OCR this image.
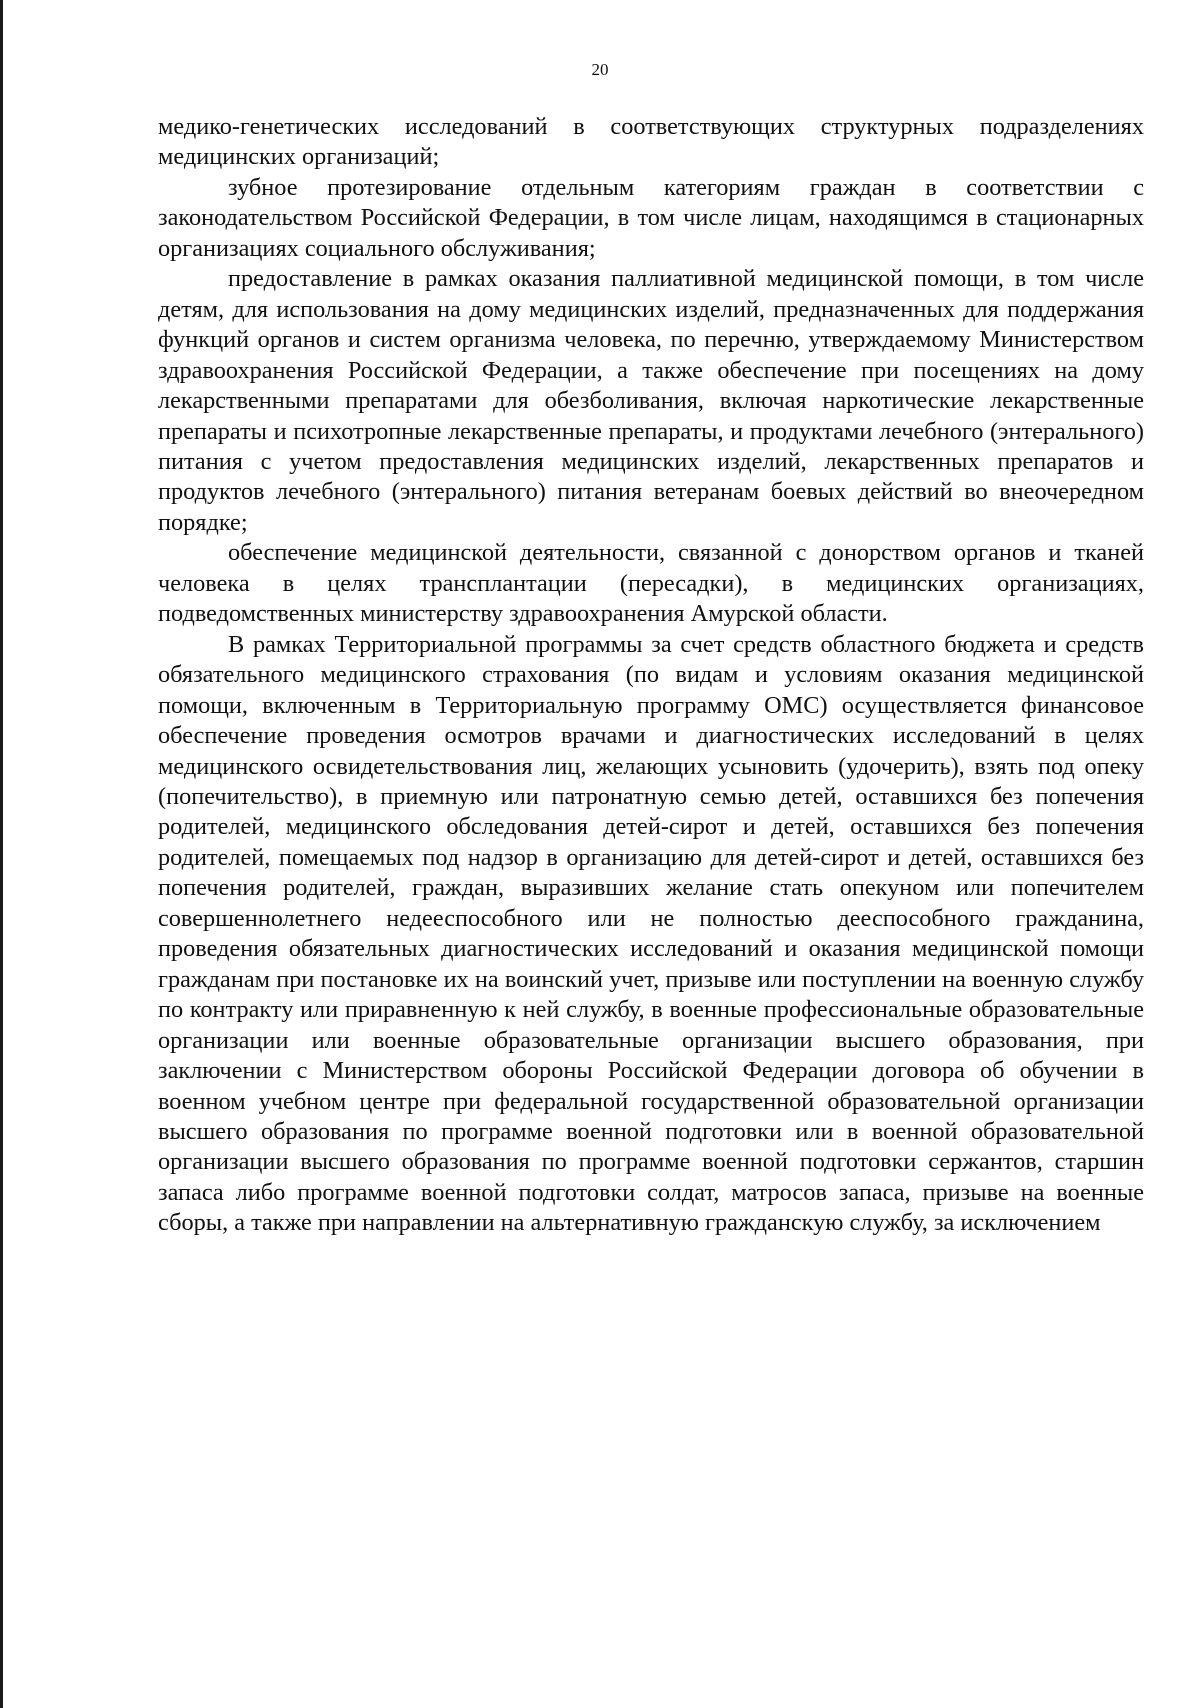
20

медико-генетических исследований в соответствующих структурных подразделениях медицинских организаций;

зубное протезирование отдельным категориям граждан в соответствии с законодательством Российской Федерации, в том числе лицам, находящимся в стационарных организациях социального обслуживания;

предоставление в рамках оказания паллиативной медицинской помощи, в том числе детям, для использования на дому медицинских изделий, предназначенных для поддержания функций органов и систем организма человека, по перечню, утверждаемому Министерством здравоохранения Российской Федерации, а также обеспечение при посещениях на дому лекарственными препаратами для обезболивания, включая наркотические лекарственные препараты и психотропные лекарственные препараты, и продуктами лечебного (энтерального) питания с учетом предоставления медицинских изделий, лекарственных препаратов и продуктов лечебного (энтерального) питания ветеранам боевых действий во внеочередном порядке;

обеспечение медицинской деятельности, связанной с донорством органов и тканей человека в целях трансплантации (пересадки), в медицинских организациях, подведомственных министерству здравоохранения Амурской области.

В рамках Территориальной программы за счет средств областного бюджета и средств обязательного медицинского страхования (по видам и условиям оказания медицинской помощи, включенным в Территориальную программу ОМС) осуществляется финансовое обеспечение проведения осмотров врачами и диагностических исследований в целях медицинского освидетельствования лиц, желающих усыновить (удочерить), взять под опеку (попечительство), в приемную или патронатную семью детей, оставшихся без попечения родителей, медицинского обследования детей-сирот и детей, оставшихся без попечения родителей, помещаемых под надзор в организацию для детей-сирот и детей, оставшихся без попечения родителей, граждан, выразивших желание стать опекуном или попечителем совершеннолетнего недееспособного или не полностью дееспособного гражданина, проведения обязательных диагностических исследований и оказания медицинской помощи гражданам при постановке их на воинский учет, призыве или поступлении на военную службу по контракту или приравненную к ней службу, в военные профессиональные образовательные организации или военные образовательные организации высшего образования, при заключении с Министерством обороны Российской Федерации договора об обучении в военном учебном центре при федеральной государственной образовательной организации высшего образования по программе военной подготовки или в военной образовательной организации высшего образования по программе военной подготовки сержантов, старшин запаса либо программе военной подготовки солдат, матросов запаса, призыве на военные сборы, а также при направлении на альтернативную гражданскую службу, за исключением
